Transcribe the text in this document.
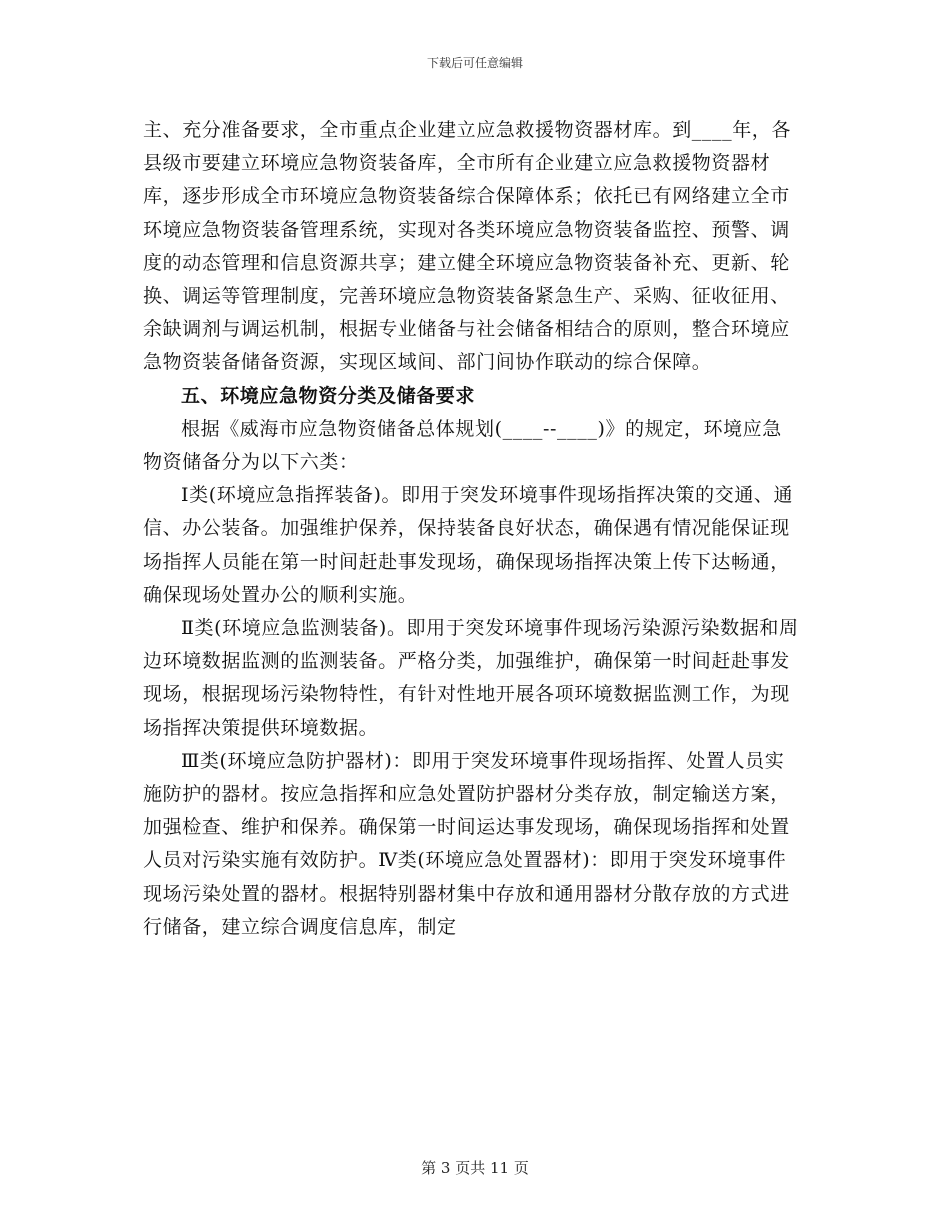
下载后可任意编辑

主、充分准备要求，全市重点企业建立应急救援物资器材库。到____年，各县级市要建立环境应急物资装备库，全市所有企业建立应急救援物资器材库，逐步形成全市环境应急物资装备综合保障体系；依托已有网络建立全市环境应急物资装备管理系统，实现对各类环境应急物资装备监控、预警、调度的动态管理和信息资源共享；建立健全环境应急物资装备补充、更新、轮换、调运等管理制度，完善环境应急物资装备紧急生产、采购、征收征用、余缺调剂与调运机制，根据专业储备与社会储备相结合的原则，整合环境应急物资装备储备资源，实现区域间、部门间协作联动的综合保障。

五、环境应急物资分类及储备要求

根据《威海市应急物资储备总体规划(____--____)》的规定，环境应急物资储备分为以下六类：

Ⅰ类(环境应急指挥装备)。即用于突发环境事件现场指挥决策的交通、通信、办公装备。加强维护保养，保持装备良好状态，确保遇有情况能保证现场指挥人员能在第一时间赶赴事发现场，确保现场指挥决策上传下达畅通，确保现场处置办公的顺利实施。

Ⅱ类(环境应急监测装备)。即用于突发环境事件现场污染源污染数据和周边环境数据监测的监测装备。严格分类，加强维护，确保第一时间赶赴事发现场，根据现场污染物特性，有针对性地开展各项环境数据监测工作，为现场指挥决策提供环境数据。

Ⅲ类(环境应急防护器材)：即用于突发环境事件现场指挥、处置人员实施防护的器材。按应急指挥和应急处置防护器材分类存放，制定输送方案，加强检查、维护和保养。确保第一时间运达事发现场，确保现场指挥和处置人员对污染实施有效防护。Ⅳ类(环境应急处置器材)：即用于突发环境事件现场污染处置的器材。根据特别器材集中存放和通用器材分散存放的方式进行储备，建立综合调度信息库，制定

第 3 页共 11 页
